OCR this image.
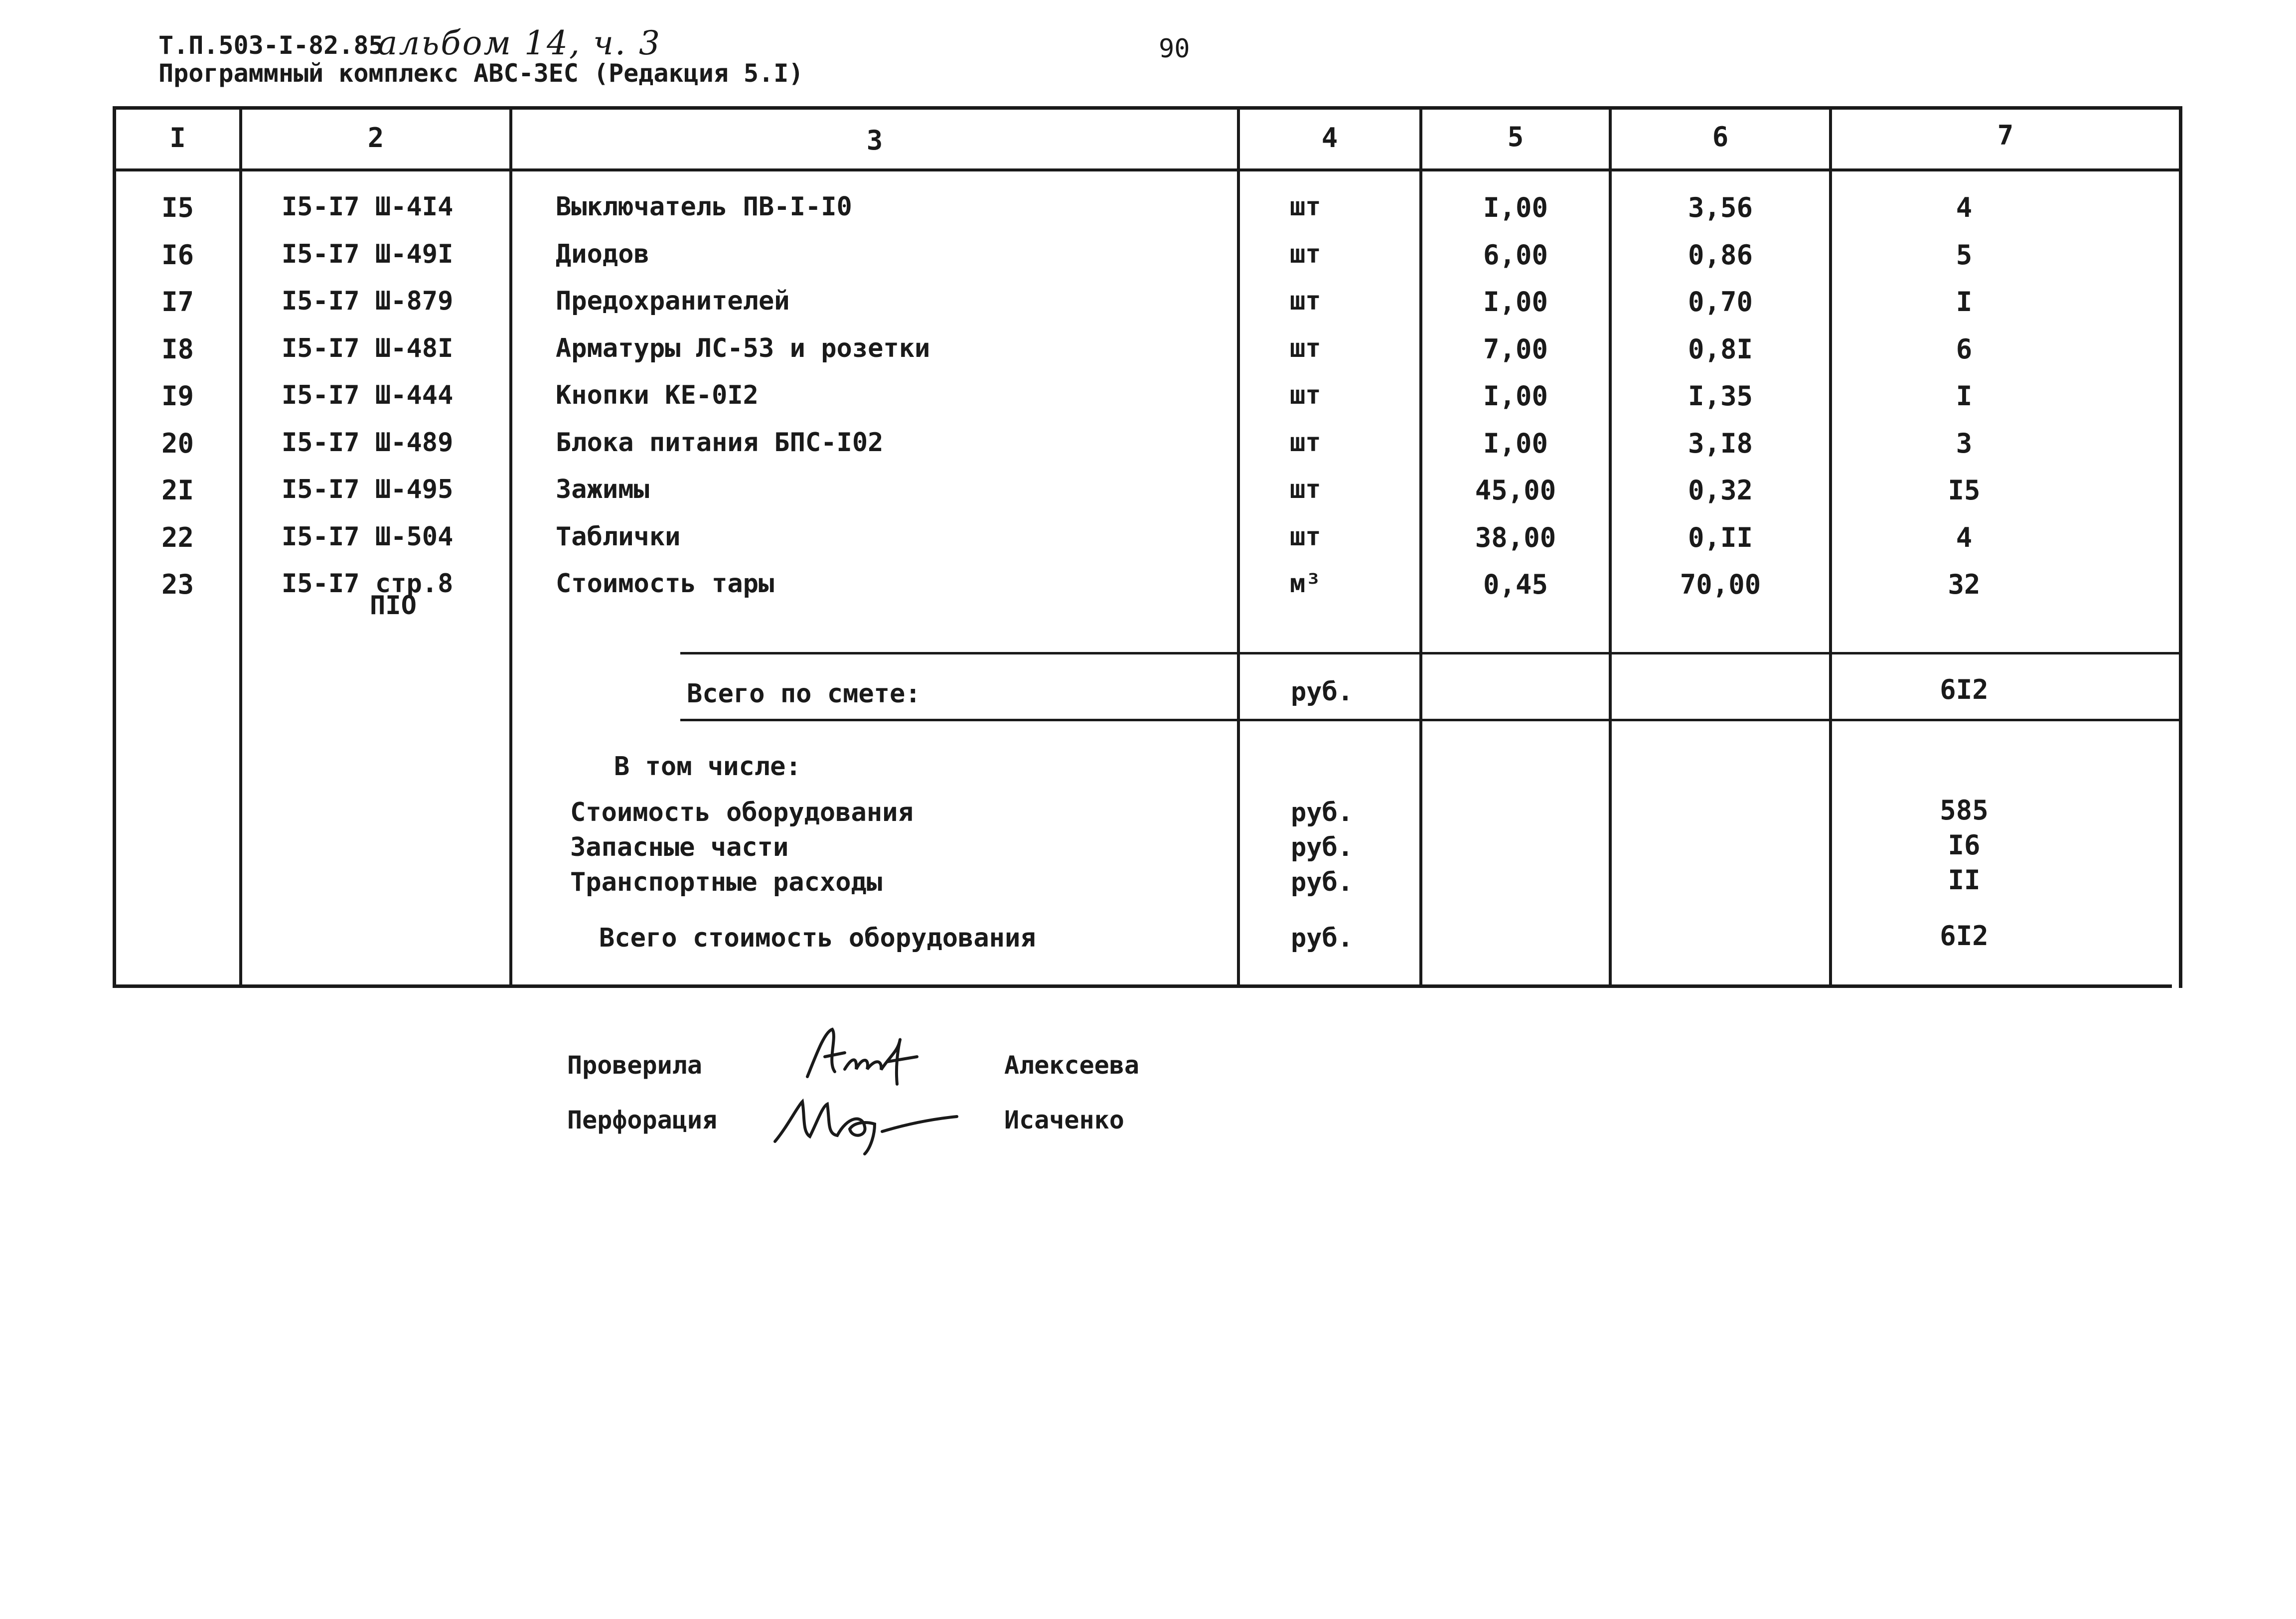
Т.П.503-I-82.85
альбом 14, ч. 3
Программный комплекс АВС-3ЕС (Редакция 5.I)
90
I	2	3	4	5	6	7
I5	I5-I7 Ш-4I4	Выключатель ПВ-I-I0	шт	I,00	3,56	4
I6	I5-I7 Ш-49I	Диодов	шт	6,00	0,86	5
I7	I5-I7 Ш-879	Предохранителей	шт	I,00	0,70	I
I8	I5-I7 Ш-48I	Арматуры ЛС-53 и розетки	шт	7,00	0,8I	6
I9	I5-I7 Ш-444	Кнопки КЕ-0I2	шт	I,00	I,35	I
20	I5-I7 Ш-489	Блока питания БПС-I02	шт	I,00	3,I8	3
2I	I5-I7 Ш-495	Зажимы	шт	45,00	0,32	I5
22	I5-I7 Ш-504	Таблички	шт	38,00	0,II	4
23	I5-I7 стр.8	Стоимость тары	м³	0,45	70,00	32
ПIО
Всего по смете:	руб.	6I2
В том числе:
Стоимость оборудования	руб.	585
Запасные части	руб.	I6
Транспортные расходы	руб.	II
Всего стоимость оборудования	руб.	6I2
Проверила	Алексеева
Перфорация	Исаченко
